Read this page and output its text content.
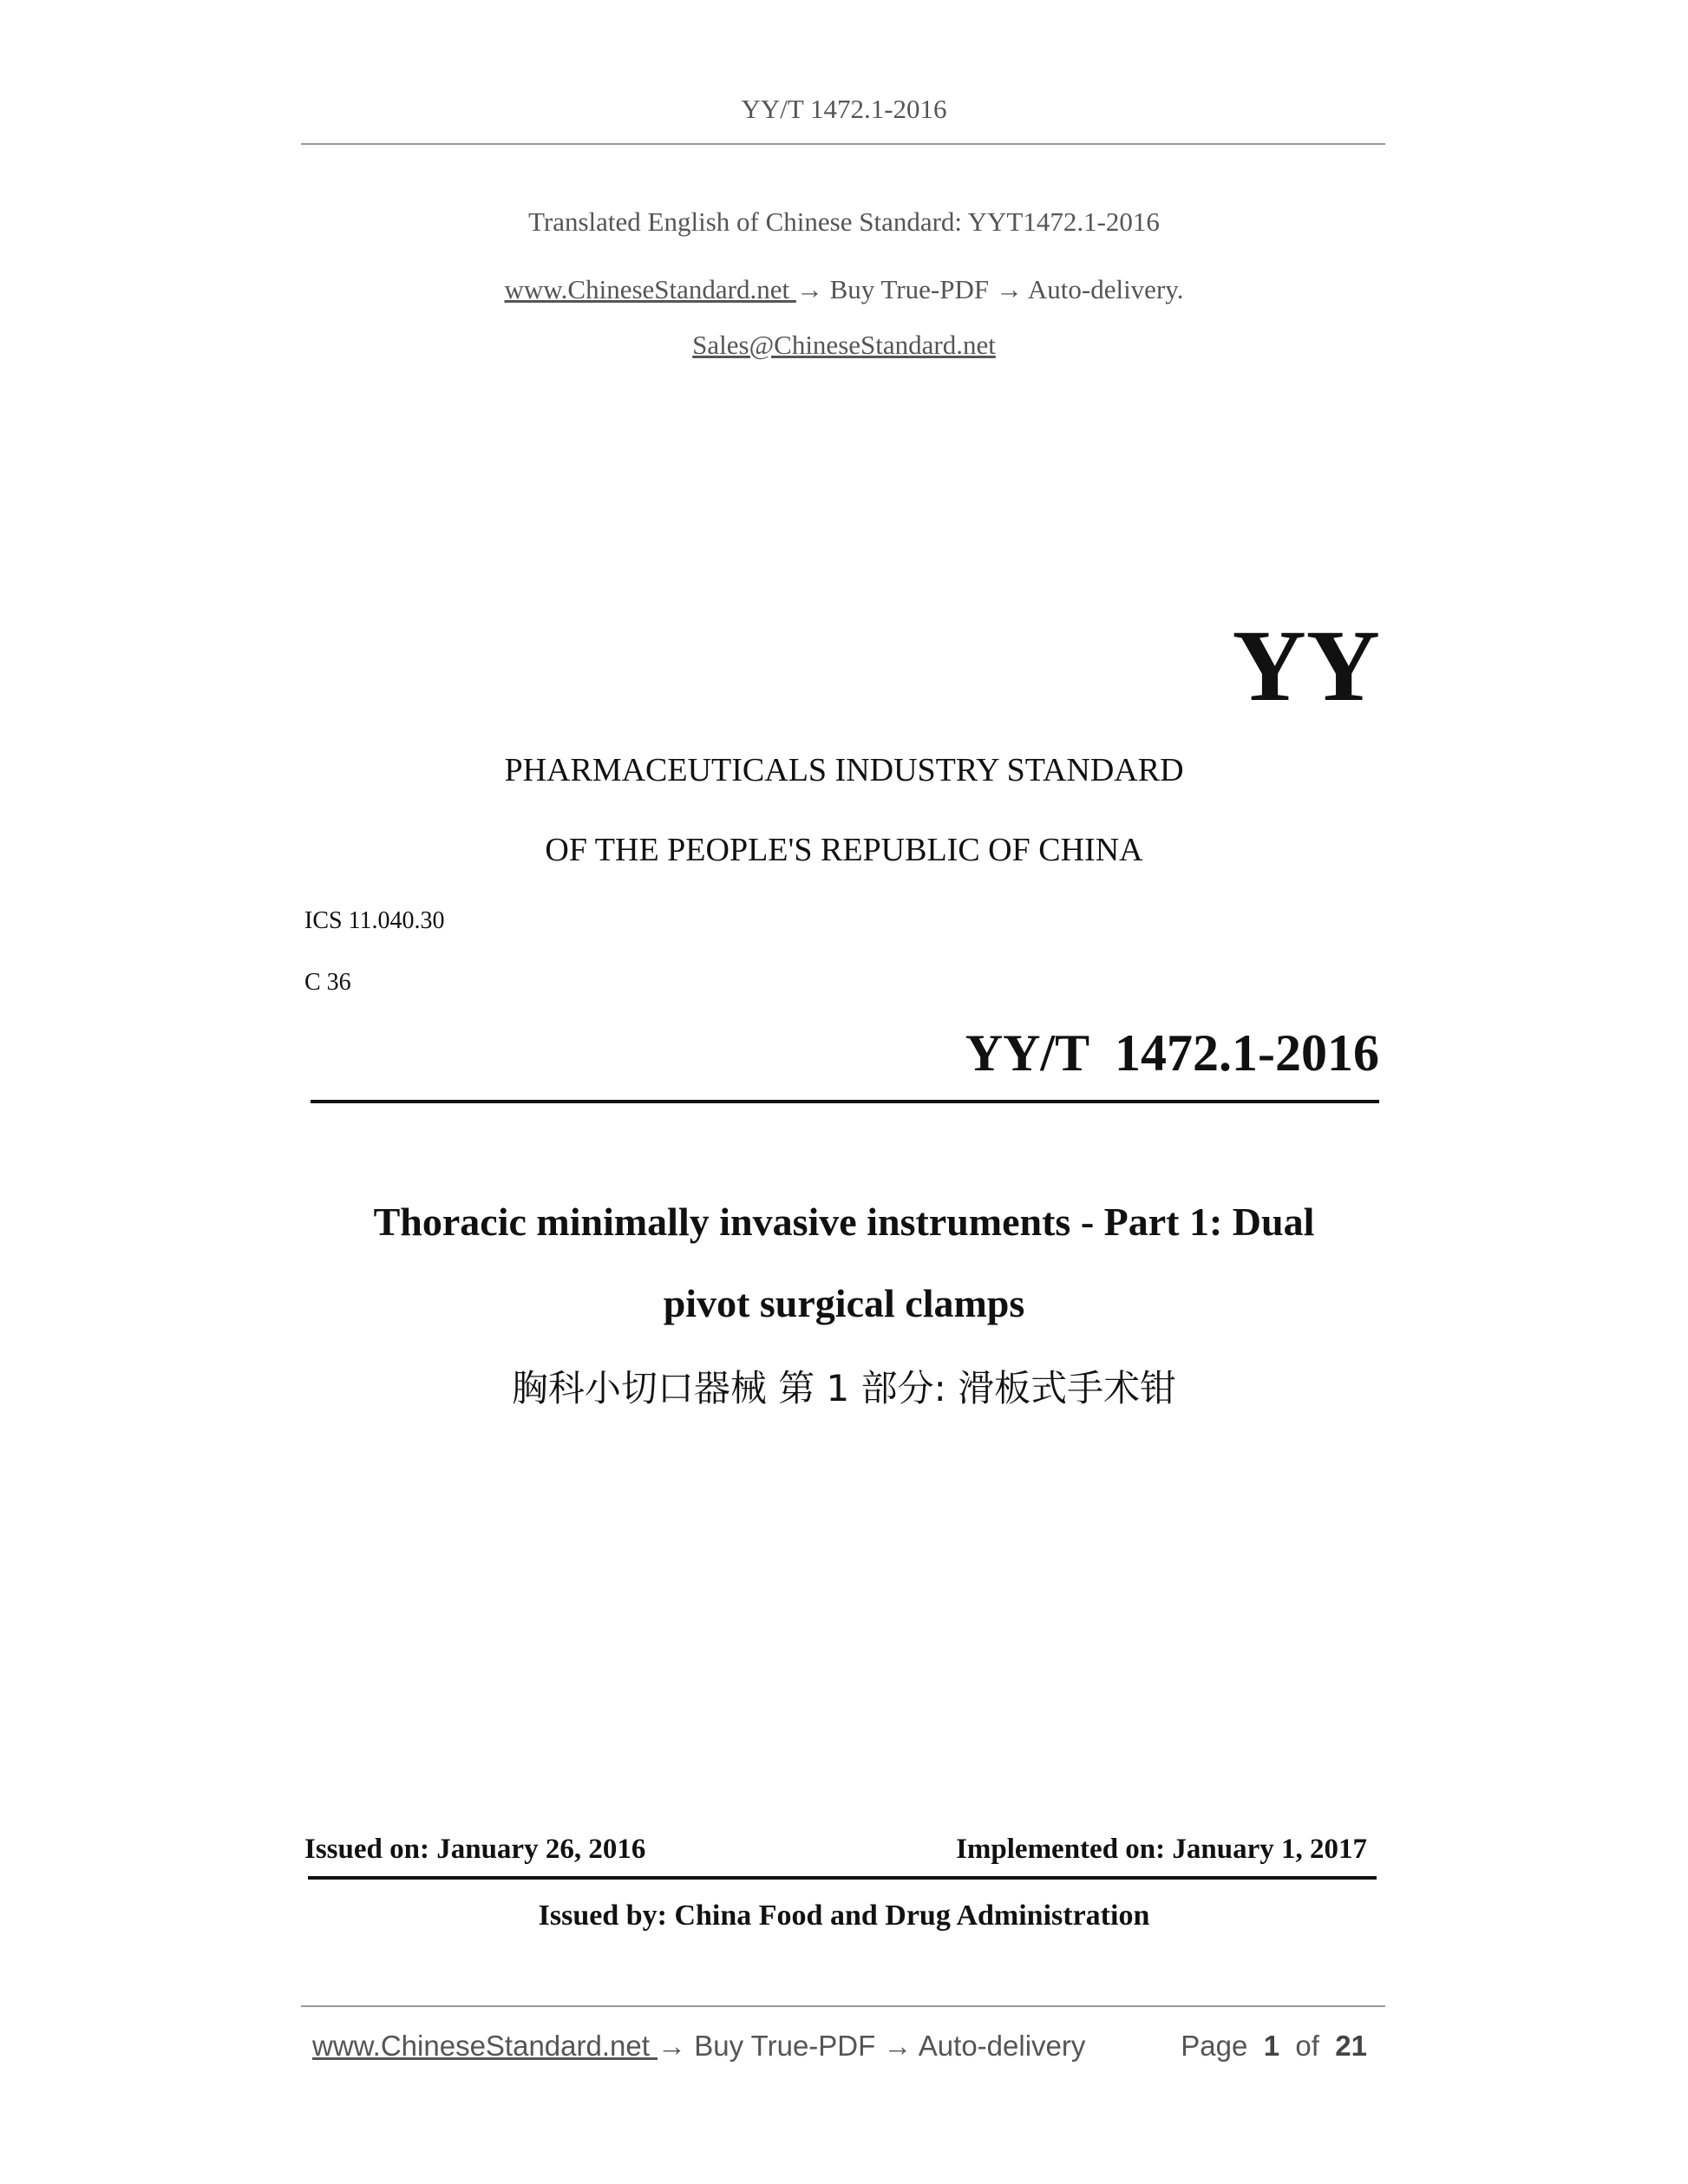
YY/T 1472.1-2016
Translated English of Chinese Standard: YYT1472.1-2016
www.ChineseStandard.net → Buy True-PDF → Auto-delivery.
Sales@ChineseStandard.net
YY
PHARMACEUTICALS INDUSTRY STANDARD
OF THE PEOPLE'S REPUBLIC OF CHINA
ICS 11.040.30
C 36
YY/T  1472.1-2016
Thoracic minimally invasive instruments - Part 1: Dual
pivot surgical clamps
胸科小切口器械 第 1 部分: 滑板式手术钳
Issued on: January 26, 2016	Implemented on: January 1, 2017
Issued by: China Food and Drug Administration
www.ChineseStandard.net → Buy True-PDF → Auto-delivery	Page 1 of 21
